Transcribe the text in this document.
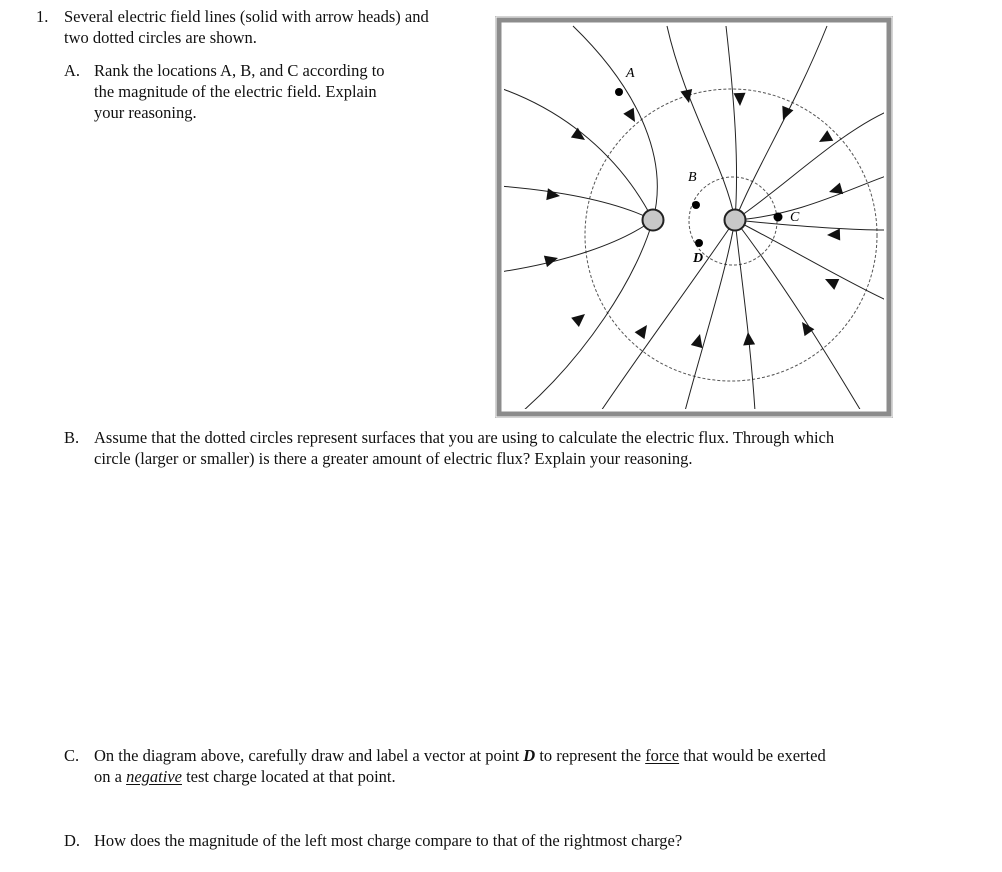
1. Several electric field lines (solid with arrow heads) and
two dotted circles are shown.
A. Rank the locations A, B, and C according to
the magnitude of the electric field. Explain
your reasoning.
A
B
C
D
B. Assume that the dotted circles represent surfaces that you are using to calculate the electric flux. Through which
circle (larger or smaller) is there a greater amount of electric flux? Explain your reasoning.
C. On the diagram above, carefully draw and label a vector at point D to represent the force that would be exerted
on a negative test charge located at that point.
D. How does the magnitude of the left most charge compare to that of the rightmost charge?
